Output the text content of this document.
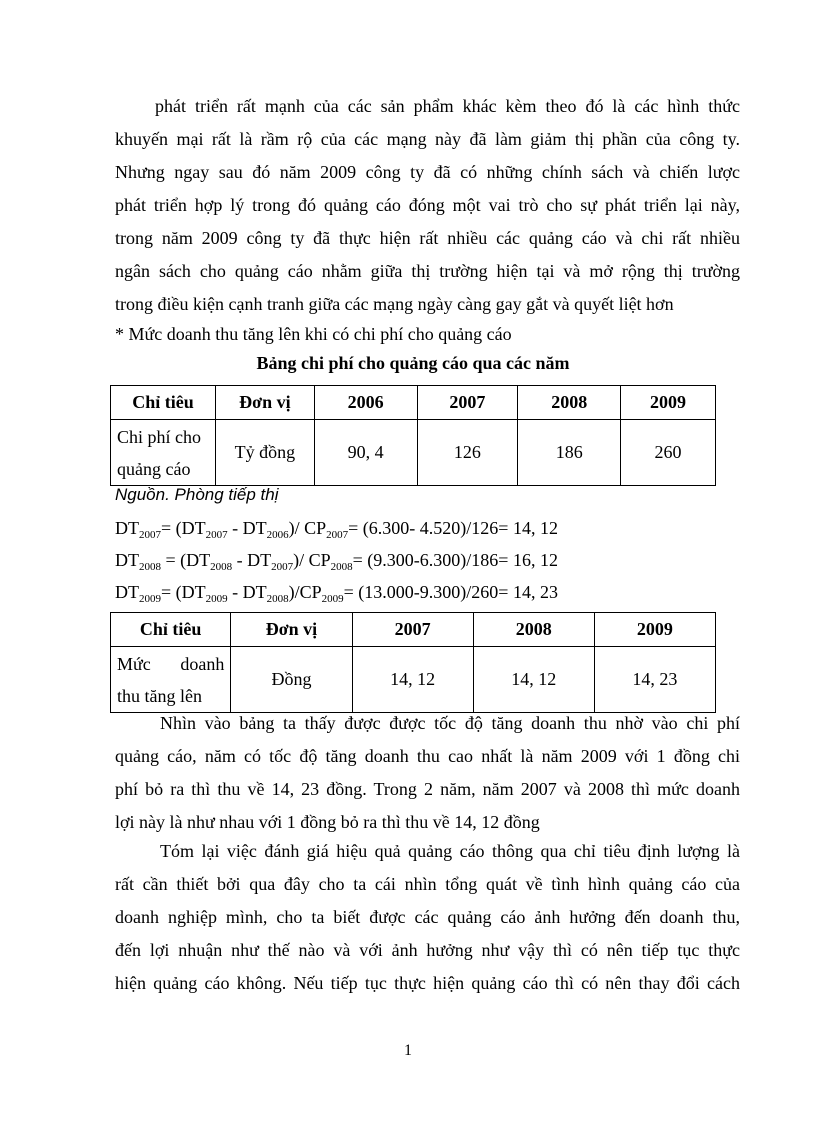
phát triển rất mạnh của các sản phẩm khác kèm theo đó là các hình thức
khuyến mại rất là rầm rộ của các mạng này đã làm giảm thị phần của công ty.
Nhưng ngay sau đó năm 2009 công ty đã có những chính sách và chiến lược
phát triển hợp lý trong đó quảng cáo đóng một vai trò cho sự phát triển lại này,
trong năm 2009 công ty đã thực hiện rất nhiều các quảng cáo và chi rất nhiều
ngân sách cho quảng cáo nhằm giữa thị trường hiện tại và mở rộng thị trường
trong điều kiện cạnh tranh giữa các mạng ngày càng gay gắt và quyết liệt hơn
* Mức doanh thu tăng lên khi có chi phí cho quảng cáo
Bảng chi phí cho quảng cáo qua các năm
Chỉ tiêu	Đơn vị	2006	2007	2008	2009
Chi phí cho quảng cáo	Tỷ đồng	90, 4	126	186	260
Nguồn. Phòng tiếp thị
$DT_{2007}= (DT_{2007} - DT_{2006})/$ $CP_{2007}= (6.300-$ 4.520)/126= 14, 12
$DT_{2008} = (DT_{2008} - DT_{2007})/$ $CP_{2008}= (9.300-6.300)/186= 16$, 12
$DT_{2009}= (DT_{2009} - DT_{2008})/CP_{2009}= (13.000-9.300)/260= 14$, 23
Chỉ tiêu	Đơn vị	2007	2008	2009
Mức doanh thu tăng lên	Đồng	14, 12	14, 12	14, 23
Nhìn vào bảng ta thấy được được tốc độ tăng doanh thu nhờ vào chi phí
quảng cáo, năm có tốc độ tăng doanh thu cao nhất là năm 2009 với 1 đồng chi
phí bỏ ra thì thu về 14, 23 đồng. Trong 2 năm, năm 2007 và 2008 thì mức doanh
lợi này là như nhau với 1 đồng bỏ ra thì thu về 14, 12 đồng
Tóm lại việc đánh giá hiệu quả quảng cáo thông qua chỉ tiêu định lượng là
rất cần thiết bởi qua đây cho ta cái nhìn tổng quát về tình hình quảng cáo của
doanh nghiệp mình, cho ta biết được các quảng cáo ảnh hưởng đến doanh thu,
đến lợi nhuận như thế nào và với ảnh hưởng như vậy thì có nên tiếp tục thực
hiện quảng cáo không. Nếu tiếp tục thực hiện quảng cáo thì có nên thay đổi cách
1
